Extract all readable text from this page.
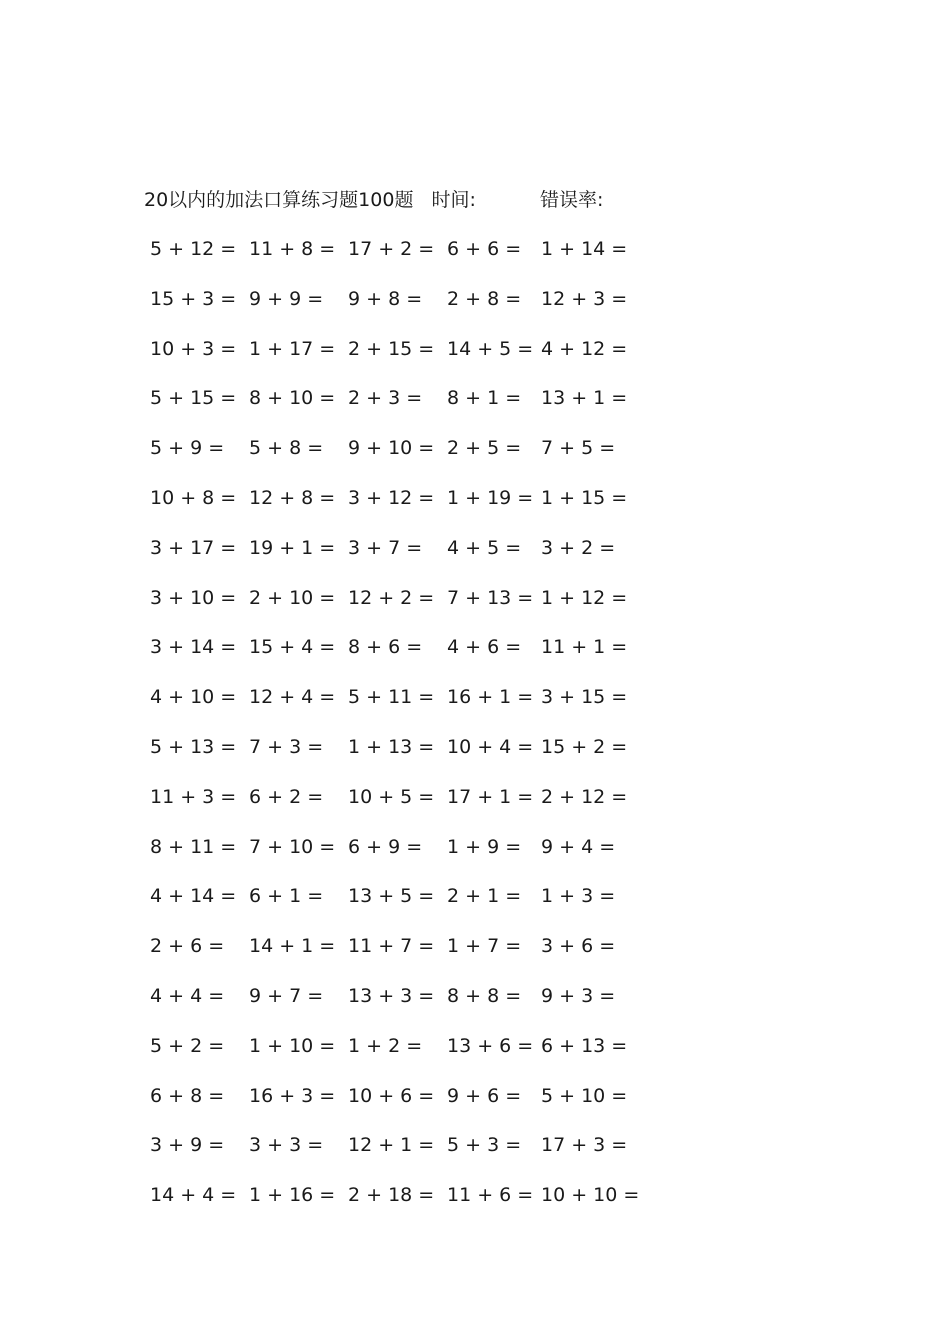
20以内的加法口算练习题100题 时间:	错误率:
5 + 12 = 11 + 8 = 17 + 2 = 6 + 6 = 1 + 14 =
15 + 3 = 9 + 9 = 9 + 8 = 2 + 8 = 12 + 3 =
10 + 3 = 1 + 17 = 2 + 15 = 14 + 5 = 4 + 12 =
5 + 15 = 8 + 10 = 2 + 3 = 8 + 1 = 13 + 1 =
5 + 9 = 5 + 8 = 9 + 10 = 2 + 5 = 7 + 5 =
10 + 8 = 12 + 8 = 3 + 12 = 1 + 19 = 1 + 15 =
3 + 17 = 19 + 1 = 3 + 7 = 4 + 5 = 3 + 2 =
3 + 10 = 2 + 10 = 12 + 2 = 7 + 13 = 1 + 12 =
3 + 14 = 15 + 4 = 8 + 6 = 4 + 6 = 11 + 1 =
4 + 10 = 12 + 4 = 5 + 11 = 16 + 1 = 3 + 15 =
5 + 13 = 7 + 3 = 1 + 13 = 10 + 4 = 15 + 2 =
11 + 3 = 6 + 2 = 10 + 5 = 17 + 1 = 2 + 12 =
8 + 11 = 7 + 10 = 6 + 9 = 1 + 9 = 9 + 4 =
4 + 14 = 6 + 1 = 13 + 5 = 2 + 1 = 1 + 3 =
2 + 6 = 14 + 1 = 11 + 7 = 1 + 7 = 3 + 6 =
4 + 4 = 9 + 7 = 13 + 3 = 8 + 8 = 9 + 3 =
5 + 2 = 1 + 10 = 1 + 2 = 13 + 6 = 6 + 13 =
6 + 8 = 16 + 3 = 10 + 6 = 9 + 6 = 5 + 10 =
3 + 9 = 3 + 3 = 12 + 1 = 5 + 3 = 17 + 3 =
14 + 4 = 1 + 16 = 2 + 18 = 11 + 6 = 10 + 10 =
